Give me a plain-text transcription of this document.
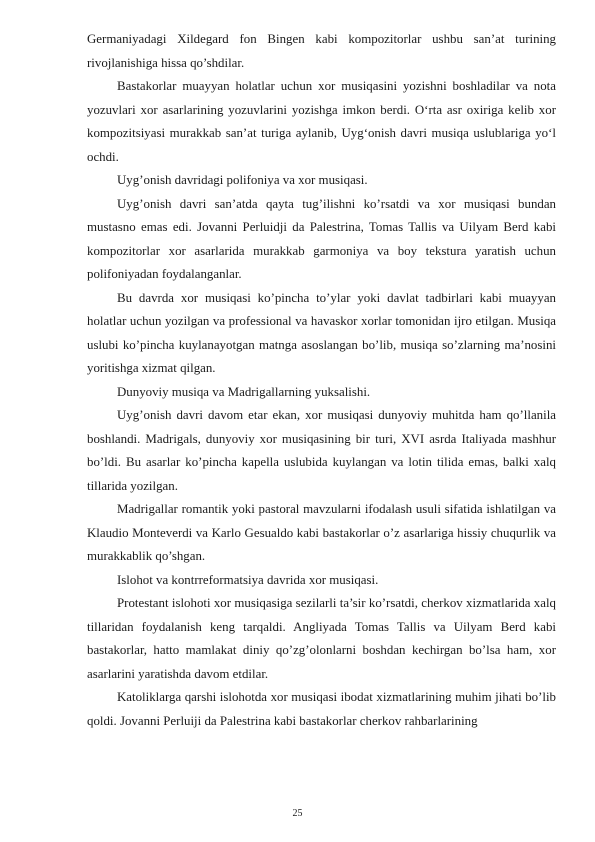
Germaniyadagi Xildegard fon Bingen kabi kompozitorlar ushbu san’at turining rivojlanishiga hissa qo’shdilar.

Bastakorlar muayyan holatlar uchun xor musiqasini yozishni boshladilar va nota yozuvlari xor asarlarining yozuvlarini yozishga imkon berdi. O‘rta asr oxiriga kelib xor kompozitsiyasi murakkab san’at turiga aylanib, Uyg‘onish davri musiqa uslublariga yo‘l ochdi.

Uyg’onish davridagi polifoniya va xor musiqasi.

Uyg’onish davri san’atda qayta tug’ilishni ko’rsatdi va xor musiqasi bundan mustasno emas edi. Jovanni Perluidji da Palestrina, Tomas Tallis va Uilyam Berd kabi kompozitorlar xor asarlarida murakkab garmoniya va boy tekstura yaratish uchun polifoniyadan foydalanganlar.

Bu davrda xor musiqasi ko’pincha to’ylar yoki davlat tadbirlari kabi muayyan holatlar uchun yozilgan va professional va havaskor xorlar tomonidan ijro etilgan. Musiqa uslubi ko’pincha kuylanayotgan matnga asoslangan bo’lib, musiqa so’zlarning ma’nosini yoritishga xizmat qilgan.

Dunyoviy musiqa va Madrigallarning yuksalishi.

Uyg’onish davri davom etar ekan, xor musiqasi dunyoviy muhitda ham qo’llanila boshlandi. Madrigals, dunyoviy xor musiqasining bir turi, XVI asrda Italiyada mashhur bo’ldi. Bu asarlar ko’pincha kapella uslubida kuylangan va lotin tilida emas, balki xalq tillarida yozilgan.

Madrigallar romantik yoki pastoral mavzularni ifodalash usuli sifatida ishlatilgan va Klaudio Monteverdi va Karlo Gesualdo kabi bastakorlar o’z asarlariga hissiy chuqurlik va murakkablik qo’shgan.

Islohot va kontrreformatsiya davrida xor musiqasi.

Protestant islohoti xor musiqasiga sezilarli ta’sir ko’rsatdi, cherkov xizmatlarida xalq tillaridan foydalanish keng tarqaldi. Angliyada Tomas Tallis va Uilyam Berd kabi bastakorlar, hatto mamlakat diniy qo’zg’olonlarni boshdan kechirgan bo’lsa ham, xor asarlarini yaratishda davom etdilar.

Katoliklarga qarshi islohotda xor musiqasi ibodat xizmatlarining muhim jihati bo’lib qoldi. Jovanni Perluiji da Palestrina kabi bastakorlar cherkov rahbarlarining

25
